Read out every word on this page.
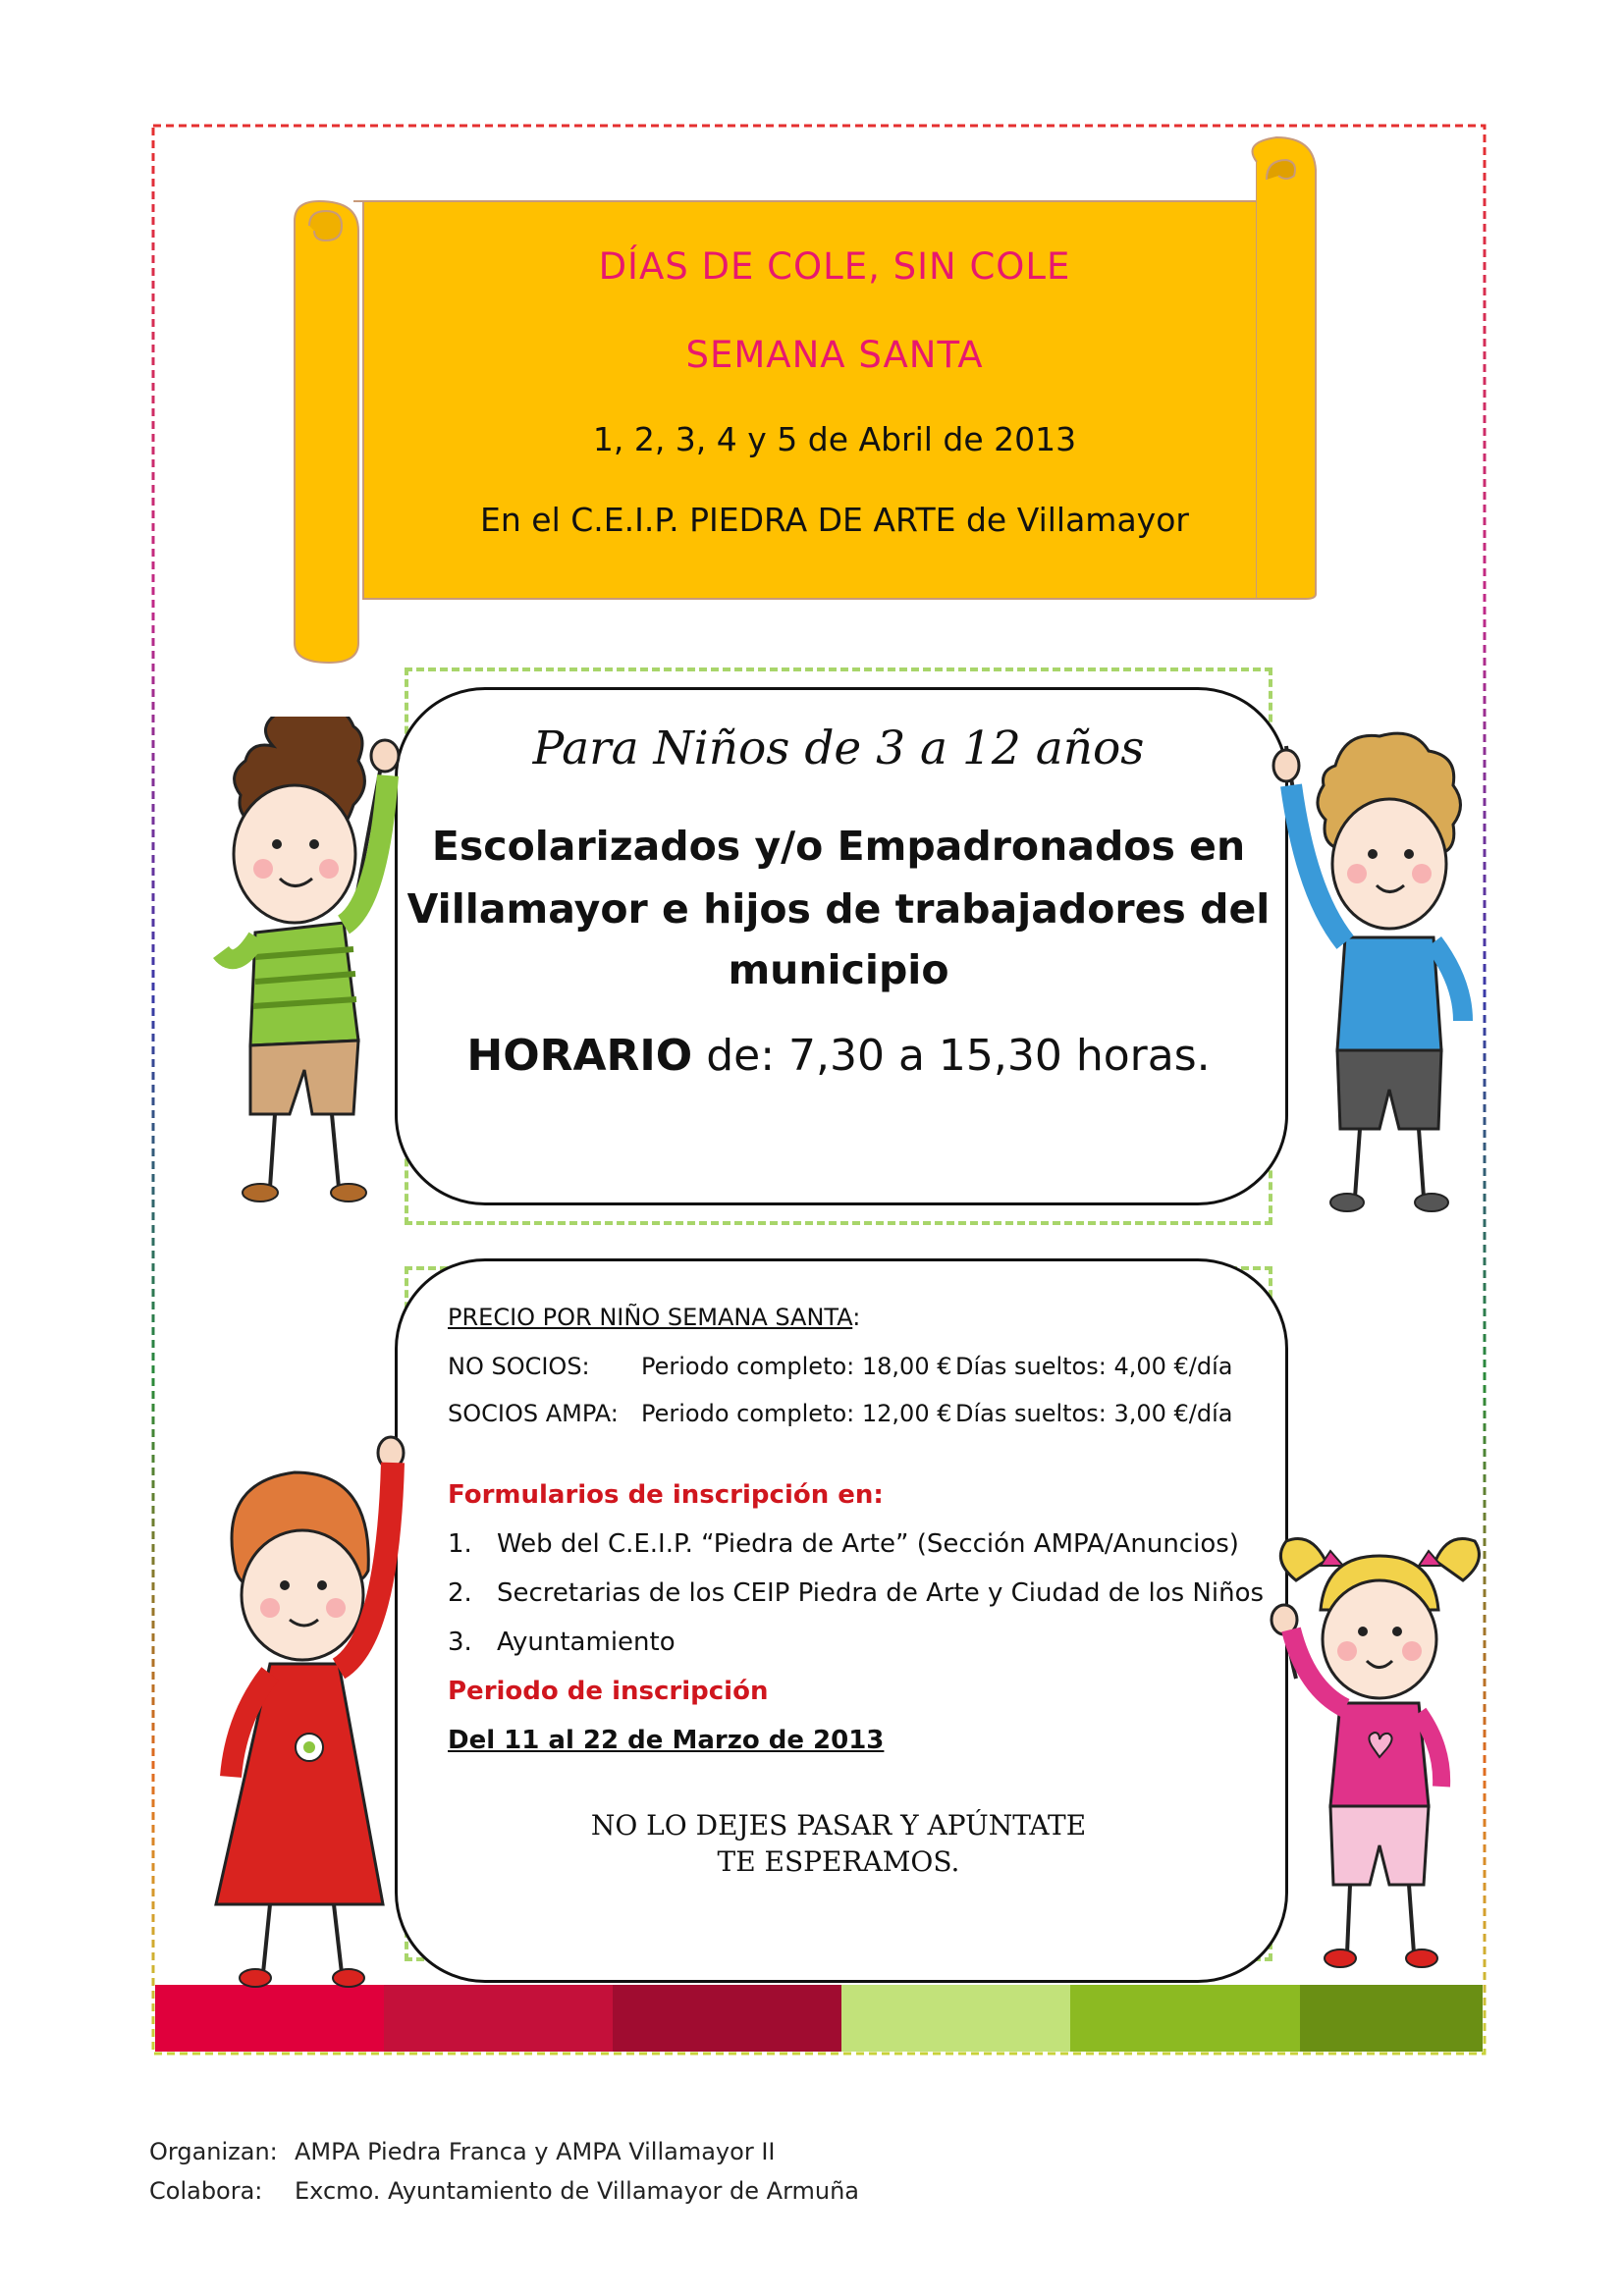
DÍAS DE COLE, SIN COLE
SEMANA SANTA
1, 2, 3, 4 y 5 de Abril de 2013
En el C.E.I.P. PIEDRA DE ARTE de Villamayor
Para Niños de 3 a 12 años
Escolarizados y/o Empadronados en
Villamayor e hijos de trabajadores del
municipio
HORARIO de: 7,30 a 15,30 horas.
PRECIO POR NIÑO SEMANA SANTA:
NO SOCIOS: Periodo completo: 18,00 € Días sueltos: 4,00 €/día
SOCIOS AMPA: Periodo completo: 12,00 € Días sueltos: 3,00 €/día
Formularios de inscripción en:
1. Web del C.E.I.P. “Piedra de Arte” (Sección AMPA/Anuncios)
2. Secretarias de los CEIP Piedra de Arte y Ciudad de los Niños
3. Ayuntamiento
Periodo de inscripción
Del 11 al 22 de Marzo de 2013
NO LO DEJES PASAR Y APÚNTATE
TE ESPERAMOS.
Organizan: AMPA Piedra Franca y AMPA Villamayor II
Colabora: Excmo. Ayuntamiento de Villamayor de Armuña
